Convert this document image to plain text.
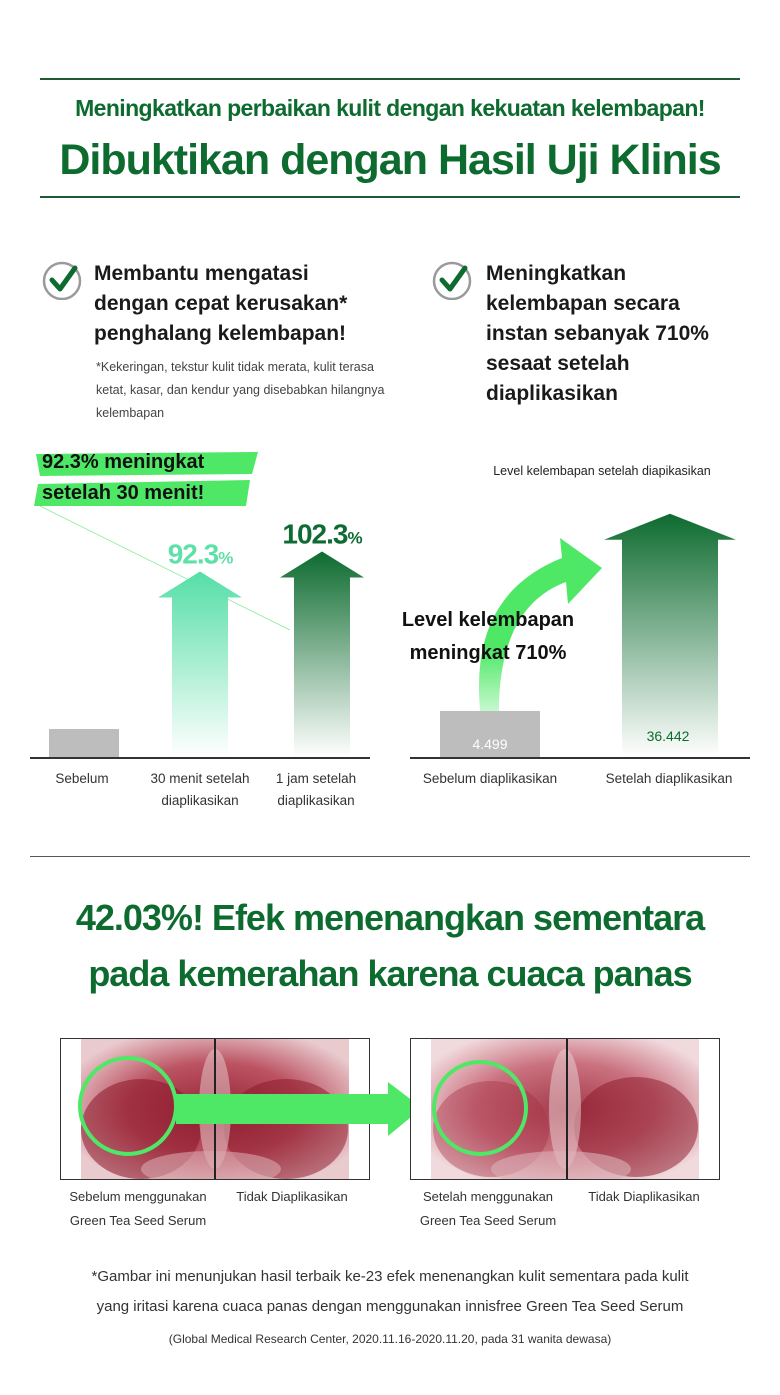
Meningkatkan perbaikan kulit dengan kekuatan kelembapan!
Dibuktikan dengan Hasil Uji Klinis
Membantu mengatasi
dengan cepat kerusakan*
penghalang kelembapan!
*Kekeringan, tekstur kulit tidak merata, kulit terasa
ketat, kasar, dan kendur yang disebabkan hilangnya
kelembapan
Meningkatkan
kelembapan secara
instan sebanyak 710%
sesaat setelah
diaplikasikan
92.3% meningkat
setelah 30 menit!
92.3%
102.3%
Sebelum	30 menit setelah
diaplikasikan
1 jam setelah
diaplikasikan
Level kelembapan setelah diapikasikan
4.499	36.442
Level kelembapan
meningkat 710%
Sebelum diaplikasikan	Setelah diaplikasikan
42.03%! Efek menenangkan sementara
pada kemerahan karena cuaca panas
Sebelum menggunakan
Green Tea Seed Serum
Tidak Diaplikasikan	Setelah menggunakan
Green Tea Seed Serum
Tidak Diaplikasikan
*Gambar ini menunjukan hasil terbaik ke-23 efek menenangkan kulit sementara pada kulit
yang iritasi karena cuaca panas dengan menggunakan innisfree Green Tea Seed Serum
(Global Medical Research Center, 2020.11.16-2020.11.20, pada 31 wanita dewasa)
